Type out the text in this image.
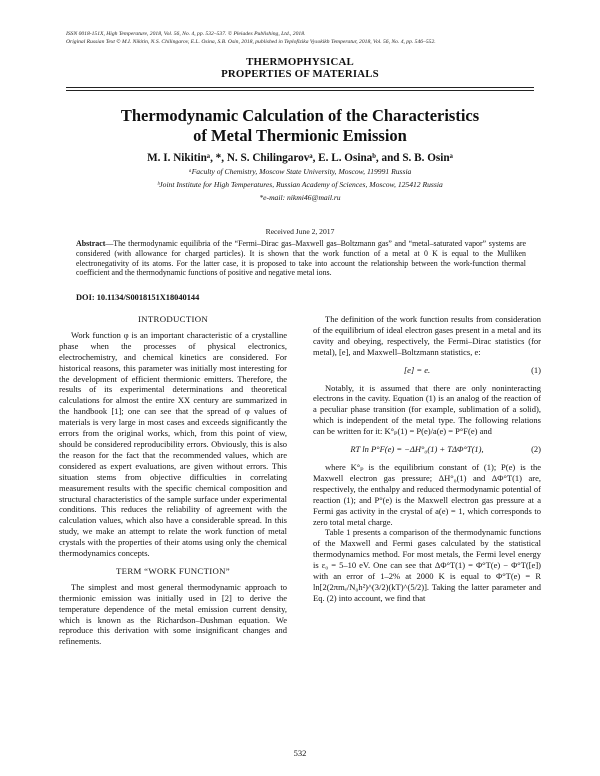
ISSN 0018-151X, High Temperature, 2018, Vol. 56, No. 4, pp. 532–537. © Pleiades Publishing, Ltd., 2018.
Original Russian Text © M.I. Nikitin, N.S. Chilingarov, E.L. Osina, S.B. Osin, 2018, published in Teplofizika Vysokikh Temperatur, 2018, Vol. 56, No. 4, pp. 546–552.
THERMOPHYSICAL
PROPERTIES OF MATERIALS
Thermodynamic Calculation of the Characteristics
of Metal Thermionic Emission
M. I. Nikitinᵃ, *, N. S. Chilingarovᵃ, E. L. Osinaᵇ, and S. B. Osinᵃ
ᵃFaculty of Chemistry, Moscow State University, Moscow, 119991 Russia
ᵇJoint Institute for High Temperatures, Russian Academy of Sciences, Moscow, 125412 Russia
*e-mail: nikmi46@mail.ru
Received June 2, 2017
Abstract—The thermodynamic equilibria of the “Fermi–Dirac gas–Maxwell gas–Boltzmann gas” and “metal–saturated vapor” systems are considered (with allowance for charged particles). It is shown that the work function of a metal at 0 K is equal to the Mulliken electronegativity of its atoms. For the latter case, it is proposed to take into account the relationship between the work-function thermal coefficient and the thermodynamic functions of positive and negative metal ions.
DOI: 10.1134/S0018151X18040144

INTRODUCTION

Work function φ is an important characteristic of a crystalline phase when the processes of physical electronics, electrochemistry, and chemical kinetics are considered. For historical reasons, this parameter was initially most interesting for the development of efficient thermionic emitters. Therefore, the results of its experimental determinations and theoretical calculations for almost the entire XX century are summarized in the handbook [1]; one can see that the spread of φ values of materials is very large in most cases and exceeds significantly the errors from the original works, which, from this point of view, should be considered reproducibility errors. Obviously, this is also the reason for the fact that the recommended values, which are considered as expert evaluations, are given without errors. This situation stems from objective difficulties in correlating measurement results with the specific chemical composition and structural characteristics of the sample surface under experimental conditions. This reduces the reliability of agreement with the calculation values, which also have a considerable spread. In this study, we make an attempt to relate the work function of metal crystals with the properties of their atoms using only the chemical thermodynamics concepts.

TERM “WORK FUNCTION”

The simplest and most general thermodynamic approach to thermionic emission was initially used in [2] to derive the temperature dependence of the metal emission current density, which is known as the Richardson–Dushman equation. We reproduce this derivation with some insignificant changes and refinements.

The definition of the work function results from consideration of the equilibrium of ideal electron gases present in a metal and its cavity and obeying, respectively, the Fermi–Dirac statistics (for metal), [e], and Maxwell–Boltzmann statistics, e:

[e] = e.	(1)

Notably, it is assumed that there are only noninteracting electrons in the cavity. Equation (1) is an analog of the reaction of a peculiar phase transition (for example, sublimation of a solid), which is independent of the metal type. The following relations can be written for it: K°ₚ(1) = P(e)/a(e) = P°F(e) and

RT ln P°F(e) = −ΔH°₀(1) + TΔΦ°T(1),	(2)

where K°ₚ is the equilibrium constant of (1); P(e) is the Maxwell electron gas pressure; ΔH°₀(1) and ΔΦ°T(1) are, respectively, the enthalpy and reduced thermodynamic potential of reaction (1); and P°(e) is the Maxwell electron gas pressure at a Fermi gas activity in the crystal of a(e) = 1, which corresponds to zero total metal charge.

Table 1 presents a comparison of the thermodynamic functions of the Maxwell and Fermi gases calculated by the statistical thermodynamics method. For most metals, the Fermi level energy is ε₀ = 5–10 eV. One can see that ΔΦ°T(1) = Φ°T(e) − Φ°T([e]) with an error of 1–2% at 2000 K is equal to Φ°T(e) = R ln[2(2πmₑ/N₀h²)^(3/2)(kT)^(5/2)]. Taking the latter parameter and Eq. (2) into account, we find that

532
